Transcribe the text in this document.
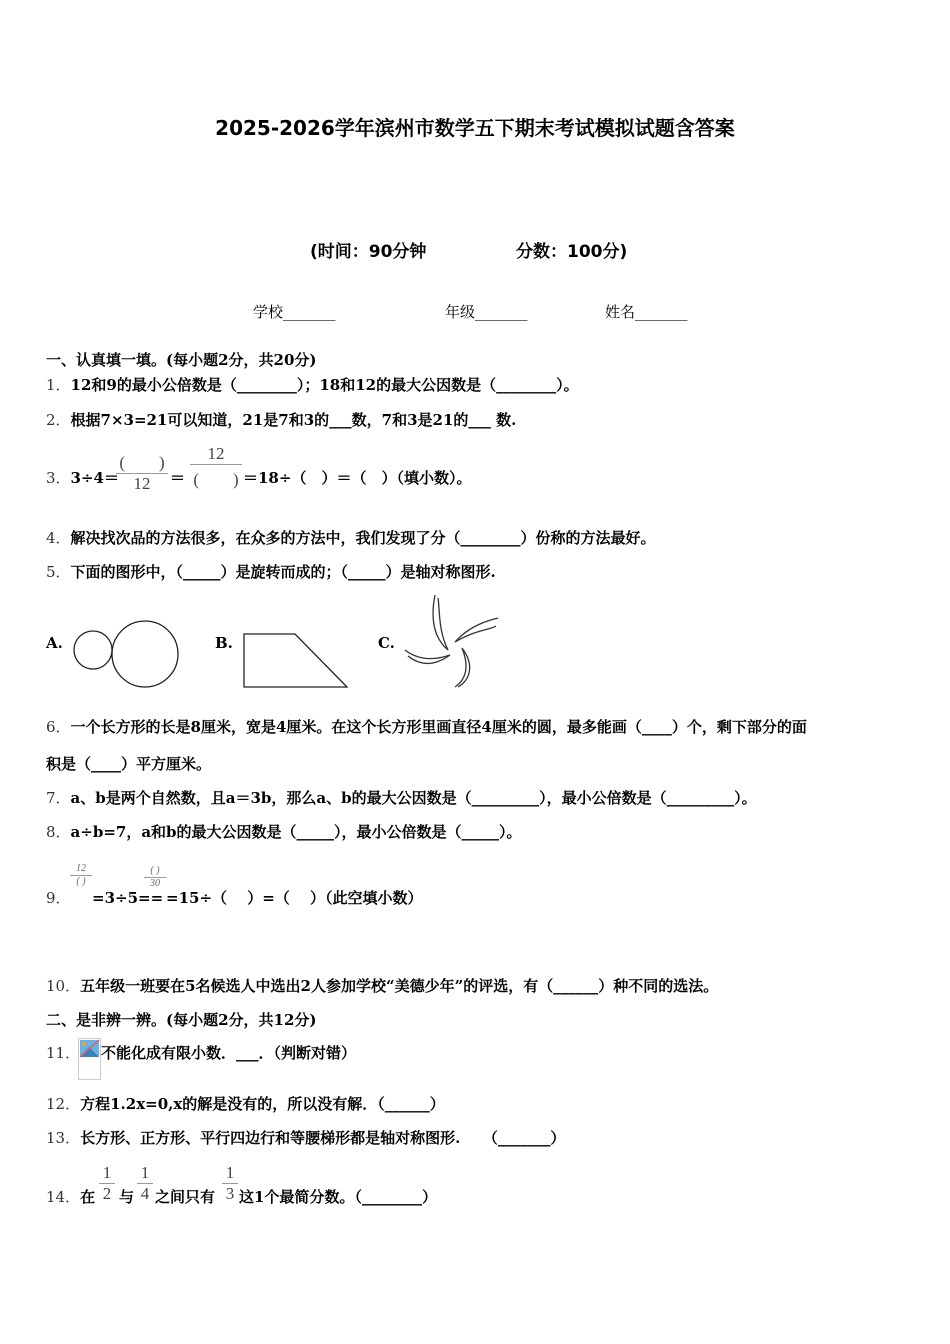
2025-2026学年滨州市数学五下期末考试模拟试题含答案
(时间：90分钟	分数：100分)
学校_______	年级_______	姓名_______
一、认真填一填。(每小题2分，共20分)
1．12和9的最小公倍数是（________）；18和12的最大公因数是（________）。
2．根据7×3=21可以知道，21是7和3的___数，7和3是21的___ 数.
3．3÷4＝
(　　)
12	＝
12
(　　) ＝18÷（　）＝（　）（填小数）。
4．解决找次品的方法很多，在众多的方法中，我们发现了分（________）份称的方法最好。
5．下面的图形中，（_____）是旋转而成的；（_____）是轴对称图形.
A.	B.	C.
6．一个长方形的长是8厘米，宽是4厘米。在这个长方形里画直径4厘米的圆，最多能画（____）个，剩下部分的面
积是（____）平方厘米。
7．a、b是两个自然数，且a＝3b，那么a、b的最大公因数是（_________），最小公倍数是（_________）。
8．a÷b=7，a和b的最大公因数是（_____），最小公倍数是（_____）。
9．
12
( )
=3÷5==
( )
30
=15÷（　 ）=（　 ）（此空填小数）
10．五年级一班要在5名候选人中选出2人参加学校“美德少年”的评选，有（______）种不同的选法。
二、是非辨一辨。(每小题2分，共12分)
11． 不能化成有限小数．___．（判断对错）
12．方程1.2x=0,x的解是没有的，所以没有解．（______）
13．长方形、正方形、平行四边行和等腰梯形都是轴对称图形.　　（_______）
14．在 $\frac{1}{2}$ 与 $\frac{1}{4}$ 之间只有 $\frac{1}{3}$ 这1个最简分数。（________）
